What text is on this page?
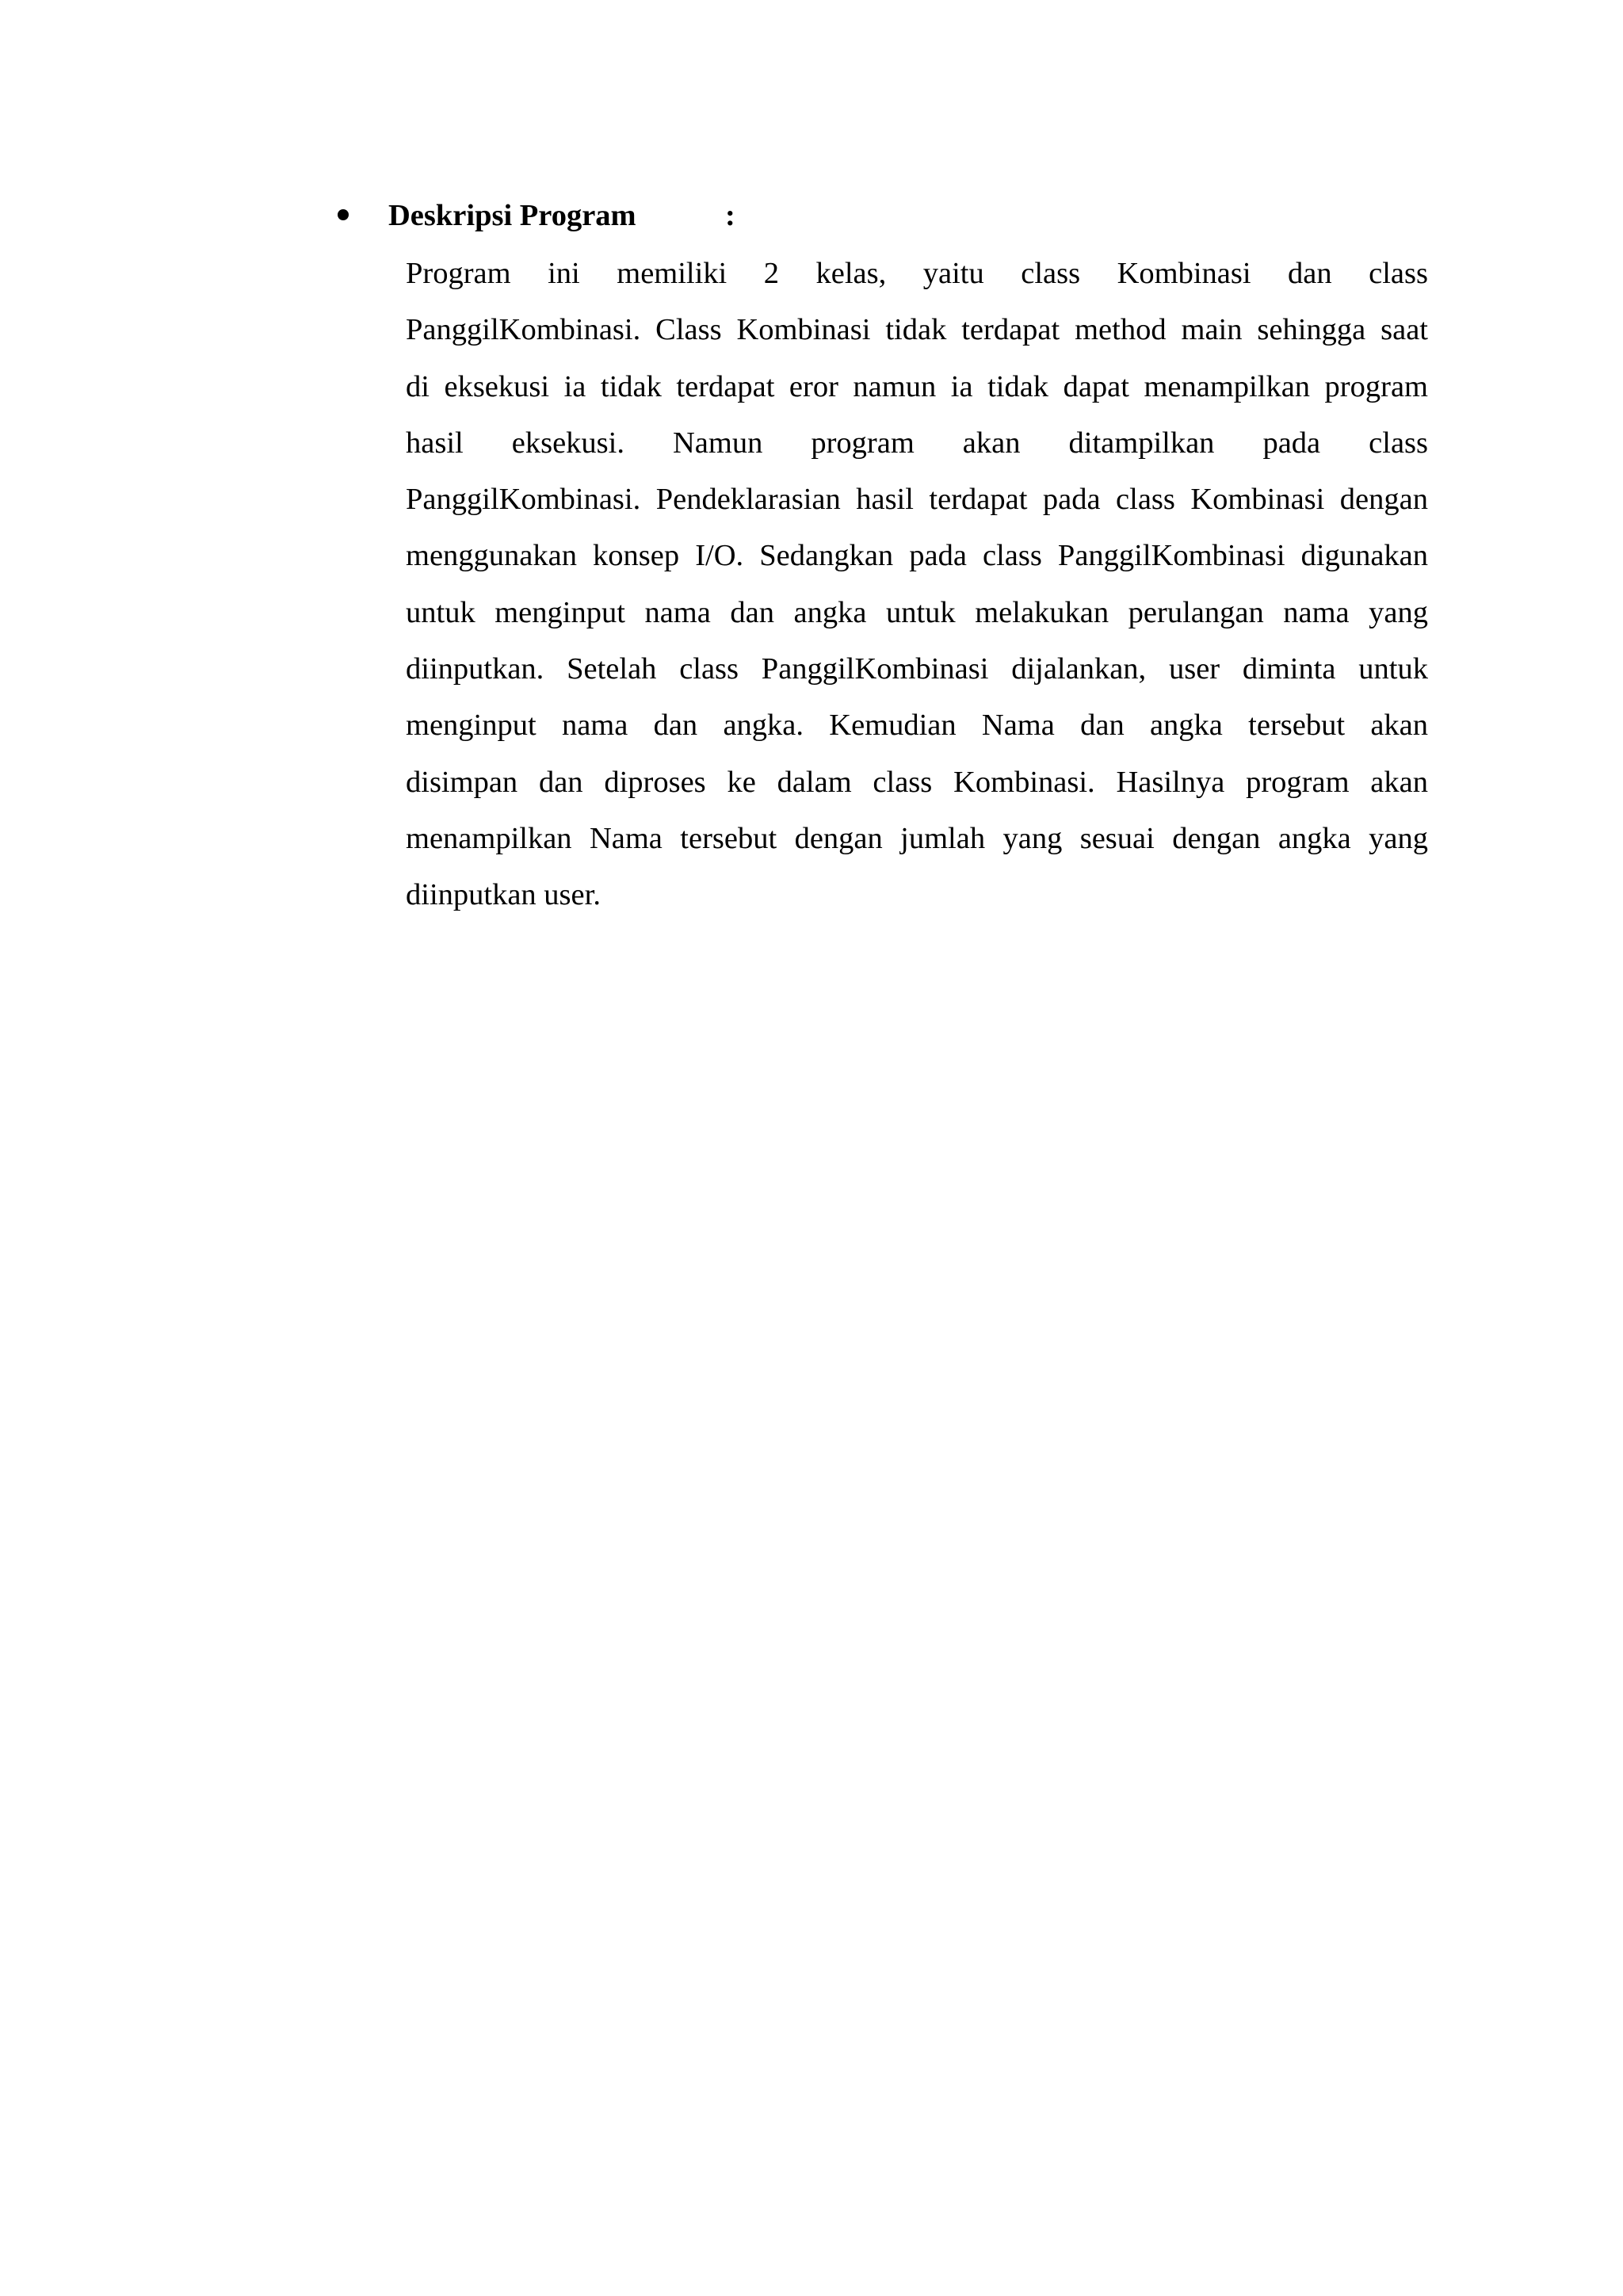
Deskripsi Program	:
Program ini memiliki 2 kelas, yaitu class Kombinasi dan class
PanggilKombinasi. Class Kombinasi tidak terdapat method main sehingga saat
di eksekusi ia tidak terdapat eror namun ia tidak dapat menampilkan program
hasil eksekusi. Namun program akan ditampilkan pada class
PanggilKombinasi. Pendeklarasian hasil terdapat pada class Kombinasi dengan
menggunakan konsep I/O. Sedangkan pada class PanggilKombinasi digunakan
untuk menginput nama dan angka untuk melakukan perulangan nama yang
diinputkan. Setelah class PanggilKombinasi dijalankan, user diminta untuk
menginput nama dan angka. Kemudian Nama dan angka tersebut akan
disimpan dan diproses ke dalam class Kombinasi. Hasilnya program akan
menampilkan Nama tersebut dengan jumlah yang sesuai dengan angka yang
diinputkan user.
